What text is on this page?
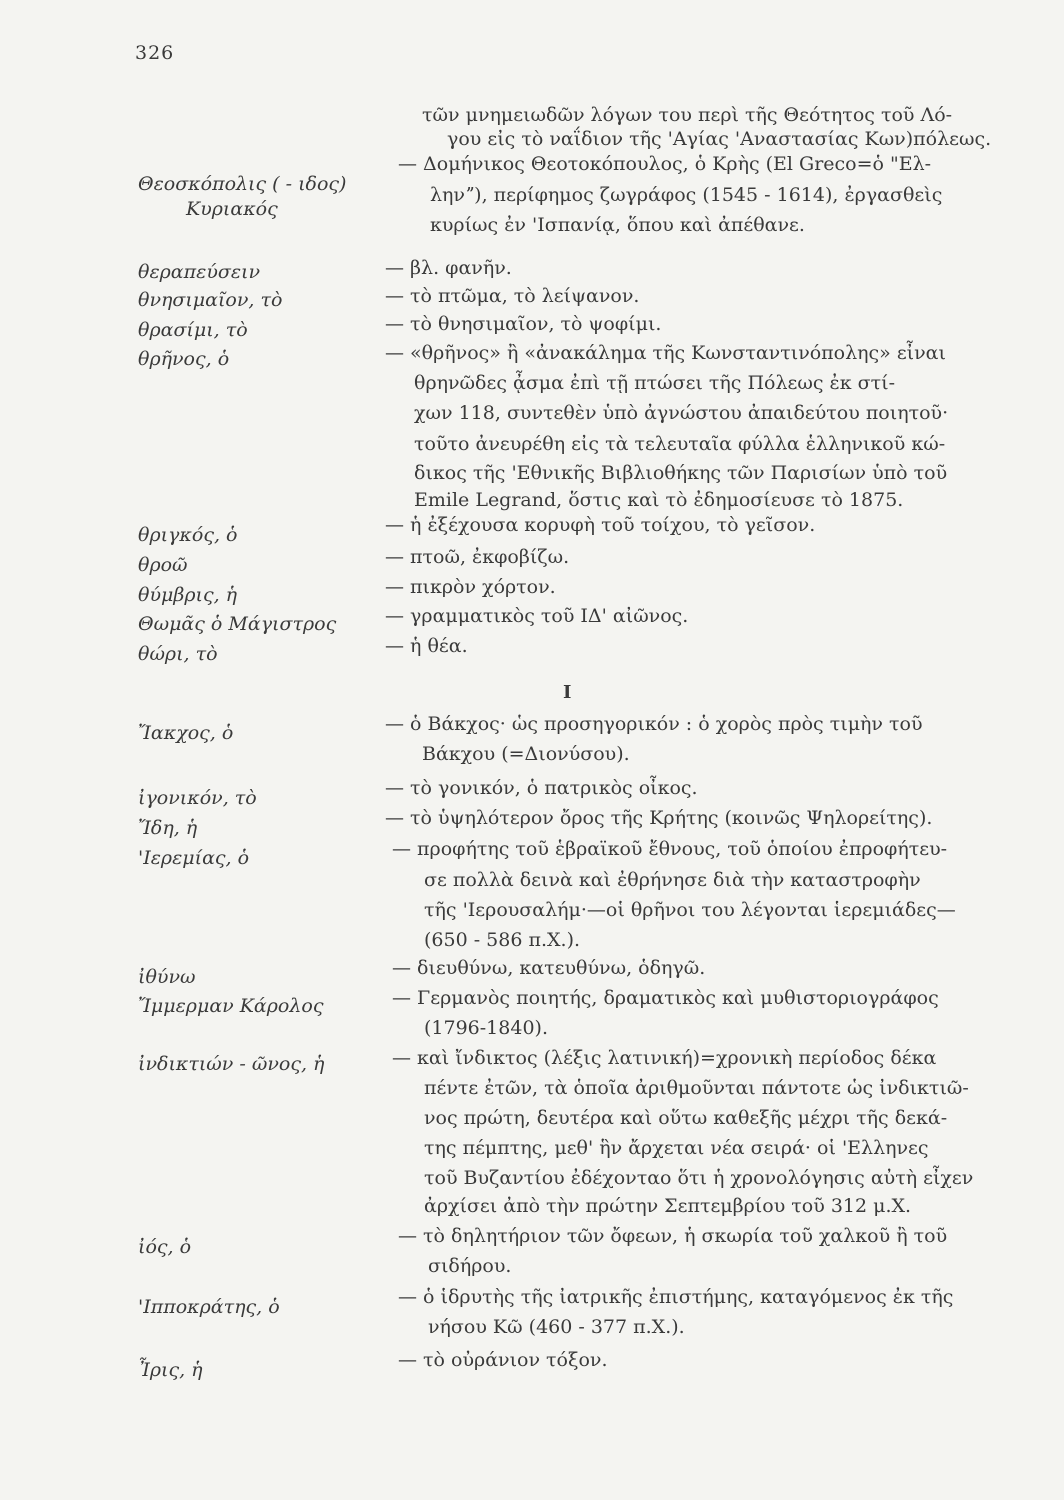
326
τῶν μνημειωδῶν λόγων του περὶ τῆς Θεότητος τοῦ Λό-
γου εἰς τὸ ναΐδιον τῆς 'Αγίας 'Αναστασίας Κων)πόλεως.
Θεοσκόπολις ( - ιδος)
Κυριακός
— Δομήνικος Θεοτοκόπουλος, ὁ Κρὴς (El Greco=ὁ "Ελ-
ληνˮ), περίφημος ζωγράφος (1545 - 1614), ἐργασθεὶς
κυρίως ἐν 'Ισπανίᾳ, ὅπου καὶ ἀπέθανε.
θεραπεύσειν	— βλ. φανῆν.
θνησιμαῖον, τὸ	— τὸ πτῶμα, τὸ λείψανον.
θρασίμι, τὸ	— τὸ θνησιμαῖον, τὸ ψοφίμι.
θρῆνος, ὁ	— «θρῆνος» ἢ «ἀνακάλημα τῆς Κωνσταντινόπολης» εἶναι
θρηνῶδες ᾆσμα ἐπὶ τῇ πτώσει τῆς Πόλεως ἐκ στί-
χων 118, συντεθὲν ὑπὸ ἀγνώστου ἀπαιδεύτου ποιητοῦ·
τοῦτο ἀνευρέθη εἰς τὰ τελευταῖα φύλλα ἑλληνικοῦ κώ-
δικος τῆς 'Εθνικῆς Βιβλιοθήκης τῶν Παρισίων ὑπὸ τοῦ
Emile Legrand, ὅστις καὶ τὸ ἐδημοσίευσε τὸ 1875.
θριγκός, ὁ	— ἡ ἐξέχουσα κορυφὴ τοῦ τοίχου, τὸ γεῖσον.
θροῶ	— πτοῶ, ἐκφοβίζω.
θύμβρις, ἡ	— πικρὸν χόρτον.
Θωμᾶς ὁ Μάγιστρος	— γραμματικὸς τοῦ ΙΔ' αἰῶνος.
θώρι, τὸ	— ἡ θέα.
Ι
Ἴακχος, ὁ	— ὁ Βάκχος· ὡς προσηγορικόν : ὁ χορὸς πρὸς τιμὴν τοῦ
Βάκχου (=Διονύσου).
ἰγονικόν, τὸ	— τὸ γονικόν, ὁ πατρικὸς οἶκος.
Ἴδη, ἡ	— τὸ ὑψηλότερον ὄρος τῆς Κρήτης (κοινῶς Ψηλορείτης).
'Ιερεμίας, ὁ	— προφήτης τοῦ ἑβραϊκοῦ ἔθνους, τοῦ ὁποίου ἐπροφήτευ-
σε πολλὰ δεινὰ καὶ ἐθρήνησε διὰ τὴν καταστροφὴν
τῆς 'Ιερουσαλήμ·—οἱ θρῆνοι του λέγονται ἱερεμιάδες—
(650 - 586 π.Χ.).
ἰθύνω	— διευθύνω, κατευθύνω, ὁδηγῶ.
Ἴμμερμαν Κάρολος	— Γερμανὸς ποιητής, δραματικὸς καὶ μυθιστοριογράφος
(1796-1840).
ἰνδικτιών - ῶνος, ἡ	— καὶ ἴνδικτος (λέξις λατινική)=χρονικὴ περίοδος δέκα
πέντε ἐτῶν, τὰ ὁποῖα ἀριθμοῦνται πάντοτε ὡς ἰνδικτιῶ-
νος πρώτη, δευτέρα καὶ οὕτω καθεξῆς μέχρι τῆς δεκά-
της πέμπτης, μεθ' ἣν ἄρχεται νέα σειρά· οἱ 'Ελληνες
τοῦ Βυζαντίου ἐδέχονταο ὅτι ἡ χρονολόγησις αὐτὴ εἶχεν
ἀρχίσει ἀπὸ τὴν πρώτην Σεπτεμβρίου τοῦ 312 μ.Χ.
ἰός, ὁ	— τὸ δηλητήριον τῶν ὄφεων, ἡ σκωρία τοῦ χαλκοῦ ἢ τοῦ
σιδήρου.
'Ιπποκράτης, ὁ	— ὁ ἱδρυτὴς τῆς ἰατρικῆς ἐπιστήμης, καταγόμενος ἐκ τῆς
νήσου Κῶ (460 - 377 π.Χ.).
Ἶρις, ἡ	— τὸ οὐράνιον τόξον.
